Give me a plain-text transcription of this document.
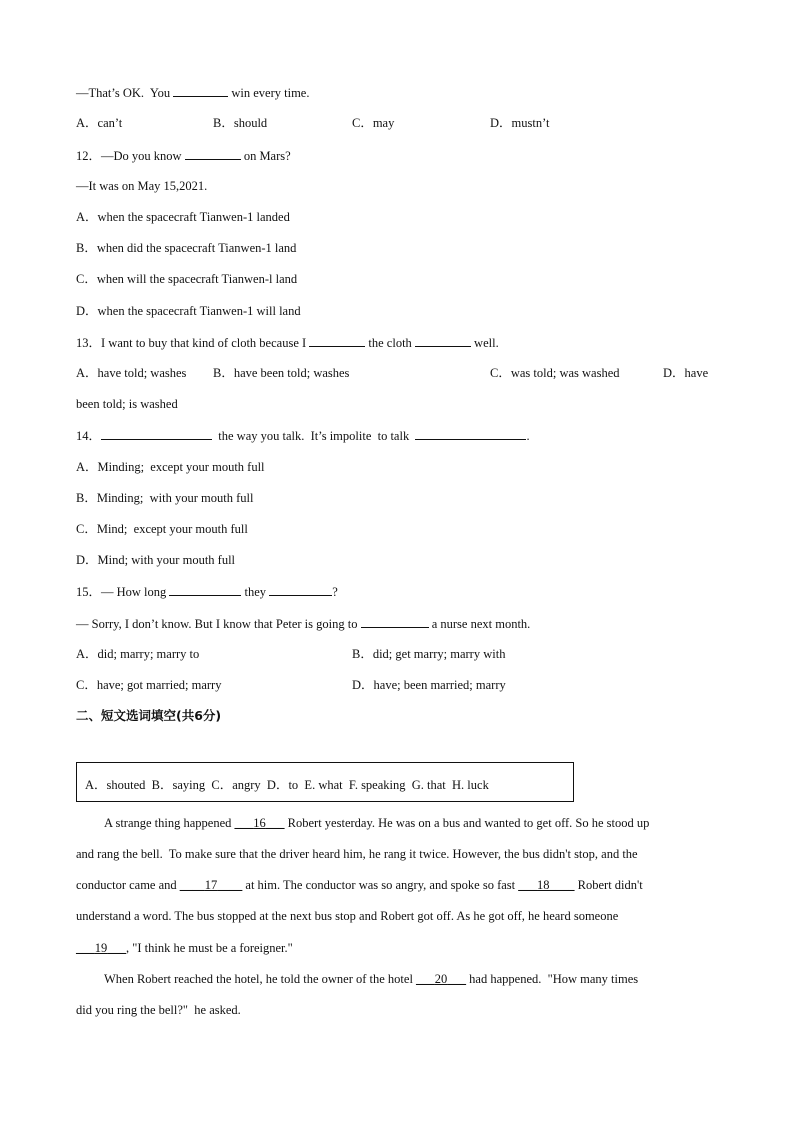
—That’s OK.  You	win every time.
A．can’t	B．should	C．may	D．mustn’t
12．—Do you know	on Mars?
—It was on May 15,2021.
A．when the spacecraft Tianwen-1 landed
B．when did the spacecraft Tianwen-1 land
C．when will the spacecraft Tianwen-l land
D．when the spacecraft Tianwen-1 will land
13．I want to buy that kind of cloth because I	the cloth	well.
A．have told; washes B．have been told; washes	C．was told; was washed	D．have
been told; is washed
14．	the way you talk.  It’s impolite  to talk	.
A．Minding;  except your mouth full
B．Minding;  with your mouth full
C．Mind;  except your mouth full
D．Mind; with your mouth full
15．— How long	they	?
— Sorry, I don’t know. But I know that Peter is going to	a nurse next month.
A．did; marry; marry to	B．did; get marry; marry with
C．have; got married; marry	D．have; been married; marry
二、短文选词填空(共6分)
A．shouted  B．saying  C．angry  D．to  E. what  F. speaking  G. that  H. luck
A strange thing happened ___16___ Robert yesterday. He was on a bus and wanted to get off. So he stood up
and rang the bell.  To make sure that the driver heard him, he rang it twice. However, the bus didn't stop, and the
conductor came and ____17____ at him. The conductor was so angry, and spoke so fast ___18____ Robert didn't
understand a word. The bus stopped at the next bus stop and Robert got off. As he got off, he heard someone
___19___, "I think he must be a foreigner."
When Robert reached the hotel, he told the owner of the hotel ___20___ had happened.  "How many times
did you ring the bell?"  he asked.
